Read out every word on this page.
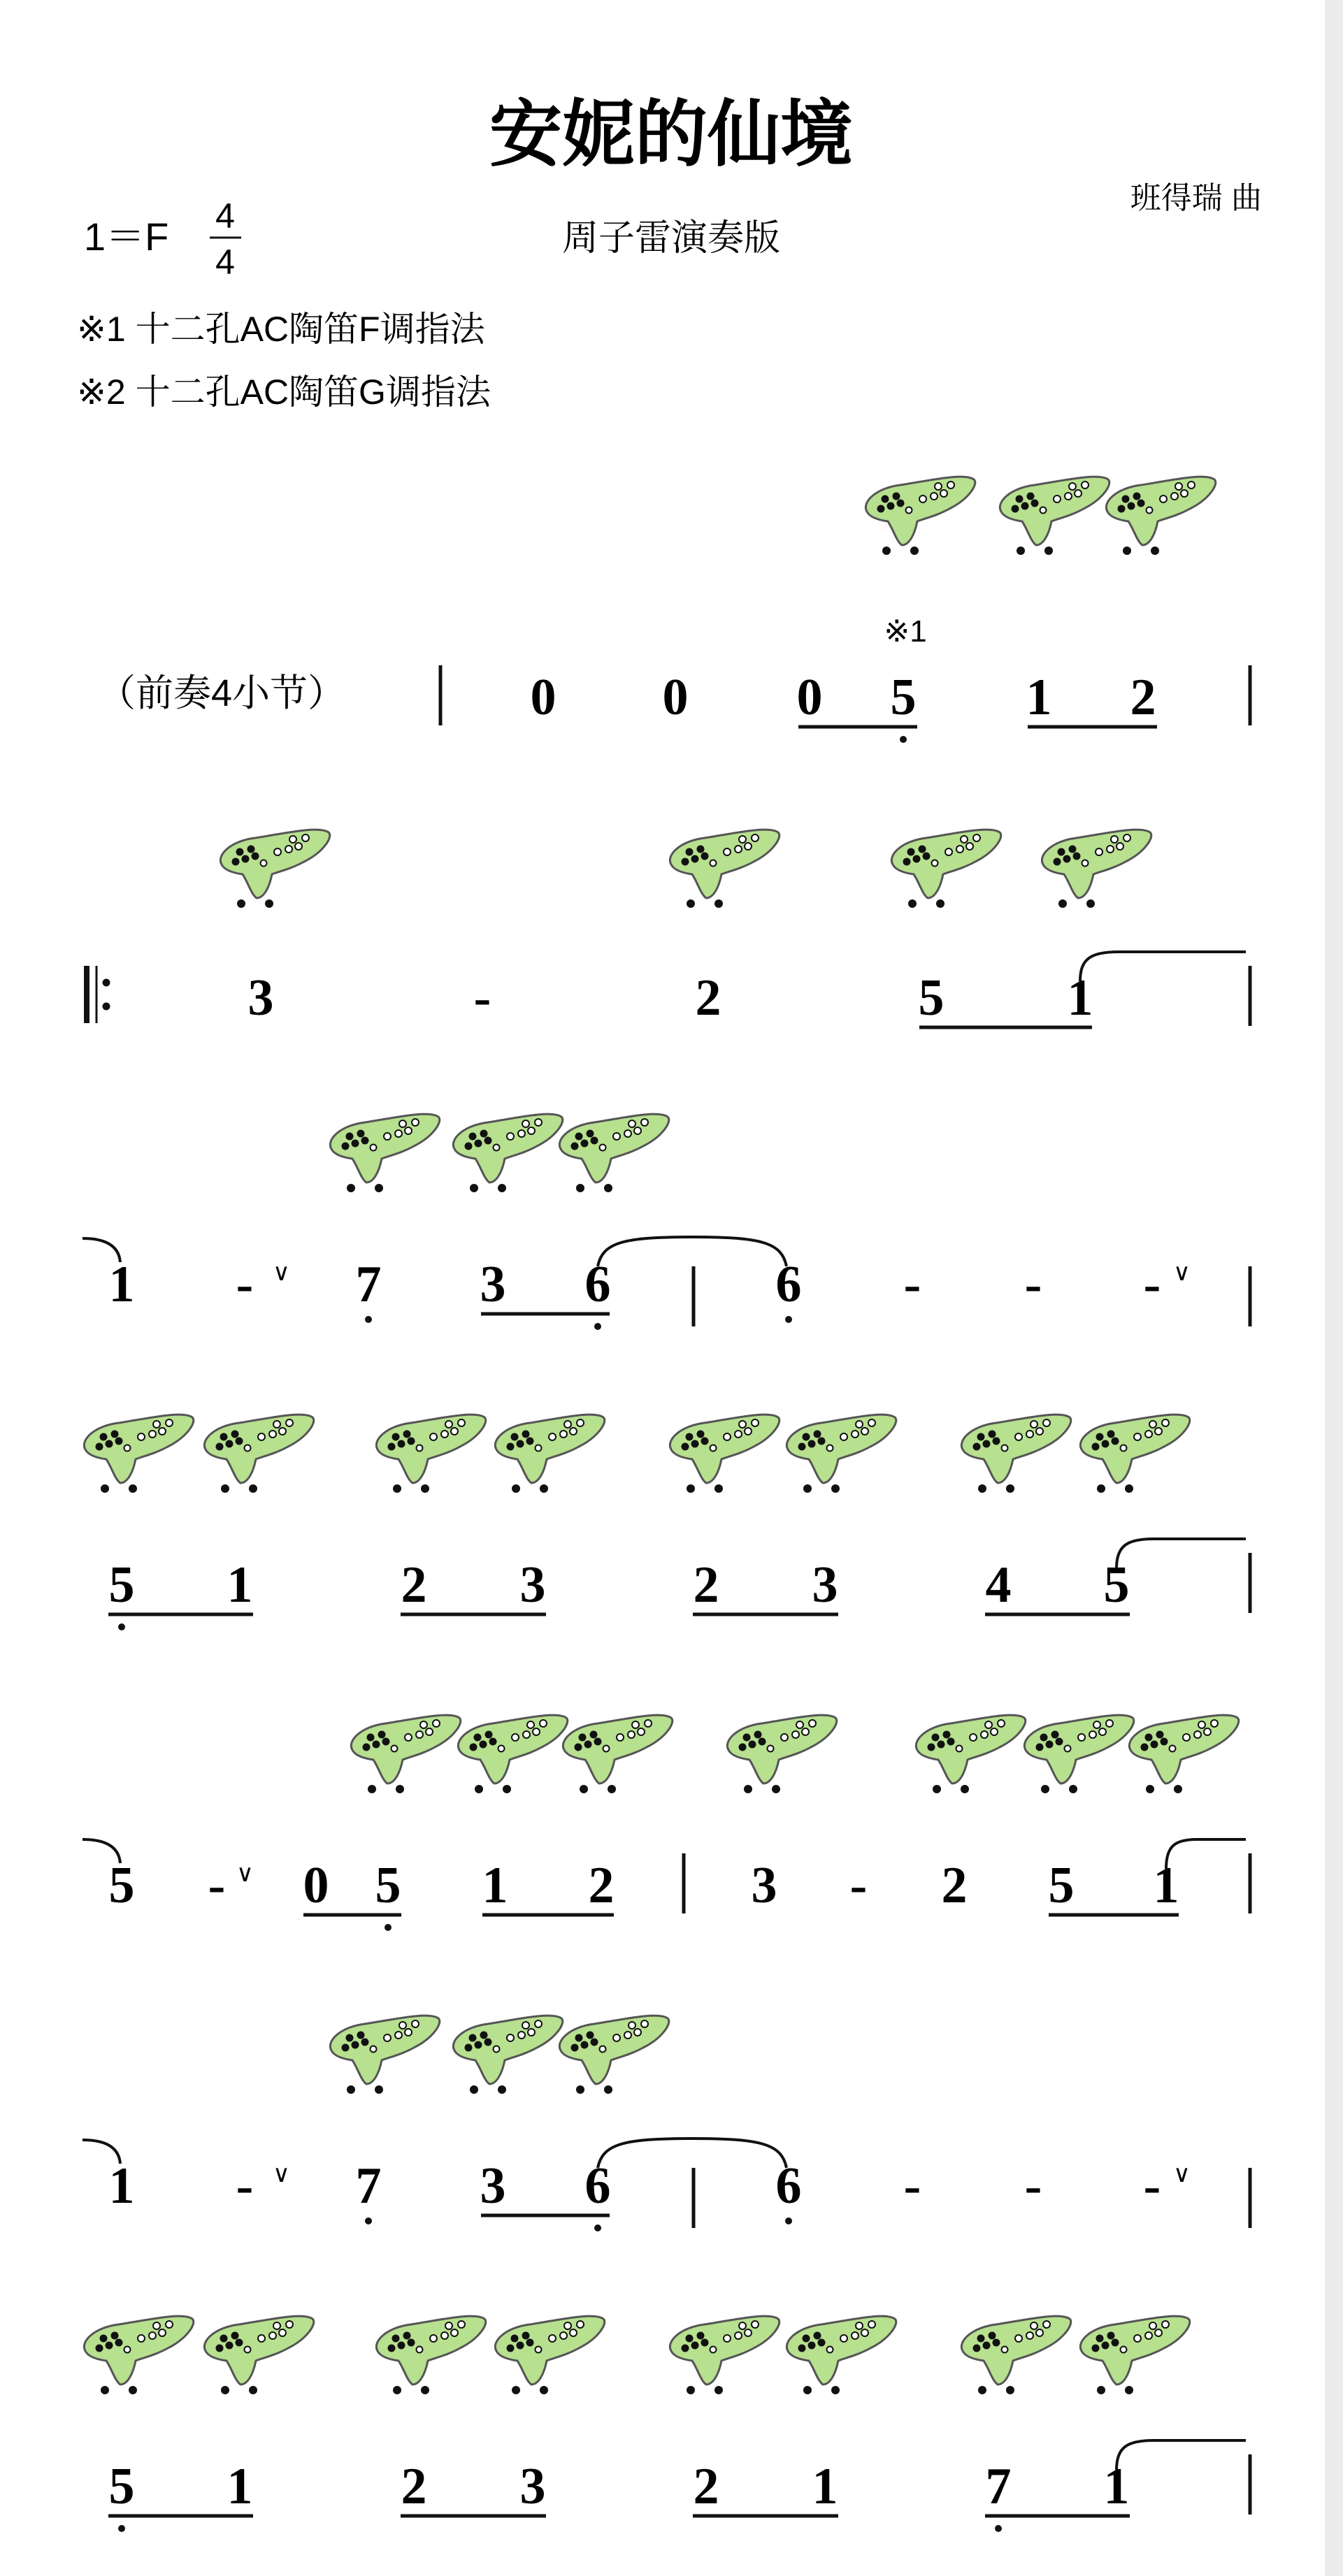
安妮的仙境
班得瑞 曲
1＝F 4
4
周子雷演奏版
※1 十二孔AC陶笛F调指法
※2 十二孔AC陶笛G调指法
※1
（前奏4小节）	0 0 0 5 1 2
3	-	2	5 1
1 - 7 3 6	6 - - -
∨	∨
5 1	2 3	2 3	4 5
5 - 0 5 1 2	3 - 2 5 1
∨
1 - 7 3 6	6 - - -
∨	∨
5 1	2 3	2 1	7 1
